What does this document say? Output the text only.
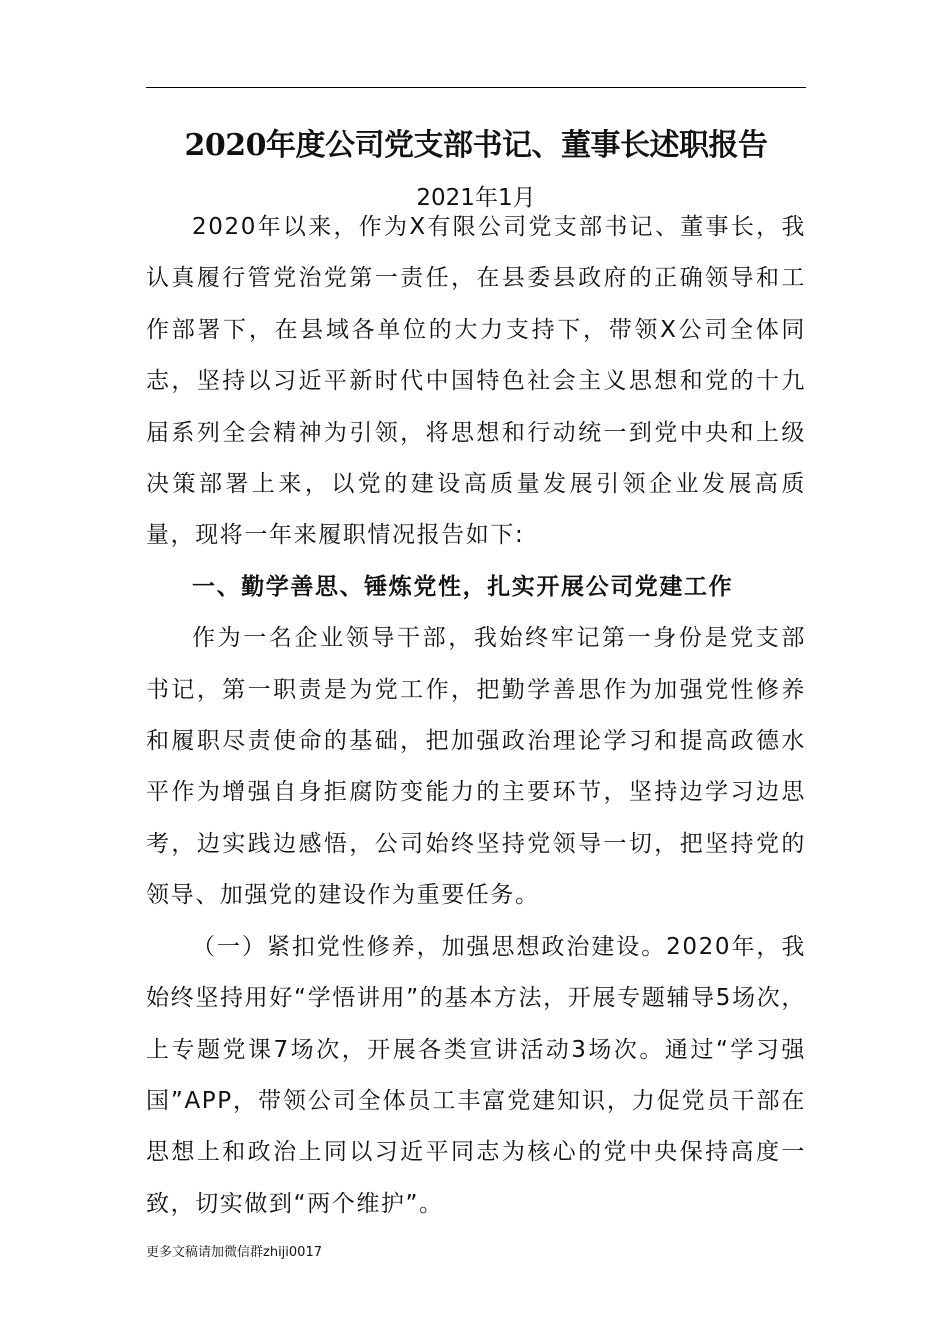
2020年度公司党支部书记、董事长述职报告

2021年1月

2020年以来，作为X有限公司党支部书记、董事长，我认真履行管党治党第一责任，在县委县政府的正确领导和工作部署下，在县域各单位的大力支持下，带领X公司全体同志，坚持以习近平新时代中国特色社会主义思想和党的十九届系列全会精神为引领，将思想和行动统一到党中央和上级决策部署上来，以党的建设高质量发展引领企业发展高质量，现将一年来履职情况报告如下:

一、勤学善思、锤炼党性，扎实开展公司党建工作

作为一名企业领导干部，我始终牢记第一身份是党支部书记，第一职责是为党工作，把勤学善思作为加强党性修养和履职尽责使命的基础，把加强政治理论学习和提高政德水平作为增强自身拒腐防变能力的主要环节，坚持边学习边思考，边实践边感悟，公司始终坚持党领导一切，把坚持党的领导、加强党的建设作为重要任务。

（一）紧扣党性修养，加强思想政治建设。2020年，我始终坚持用好“学悟讲用”的基本方法，开展专题辅导5场次，上专题党课7场次，开展各类宣讲活动3场次。通过“学习强国”APP，带领公司全体员工丰富党建知识，力促党员干部在思想上和政治上同以习近平同志为核心的党中央保持高度一致，切实做到“两个维护”。

更多文稿请加微信群zhiji0017
